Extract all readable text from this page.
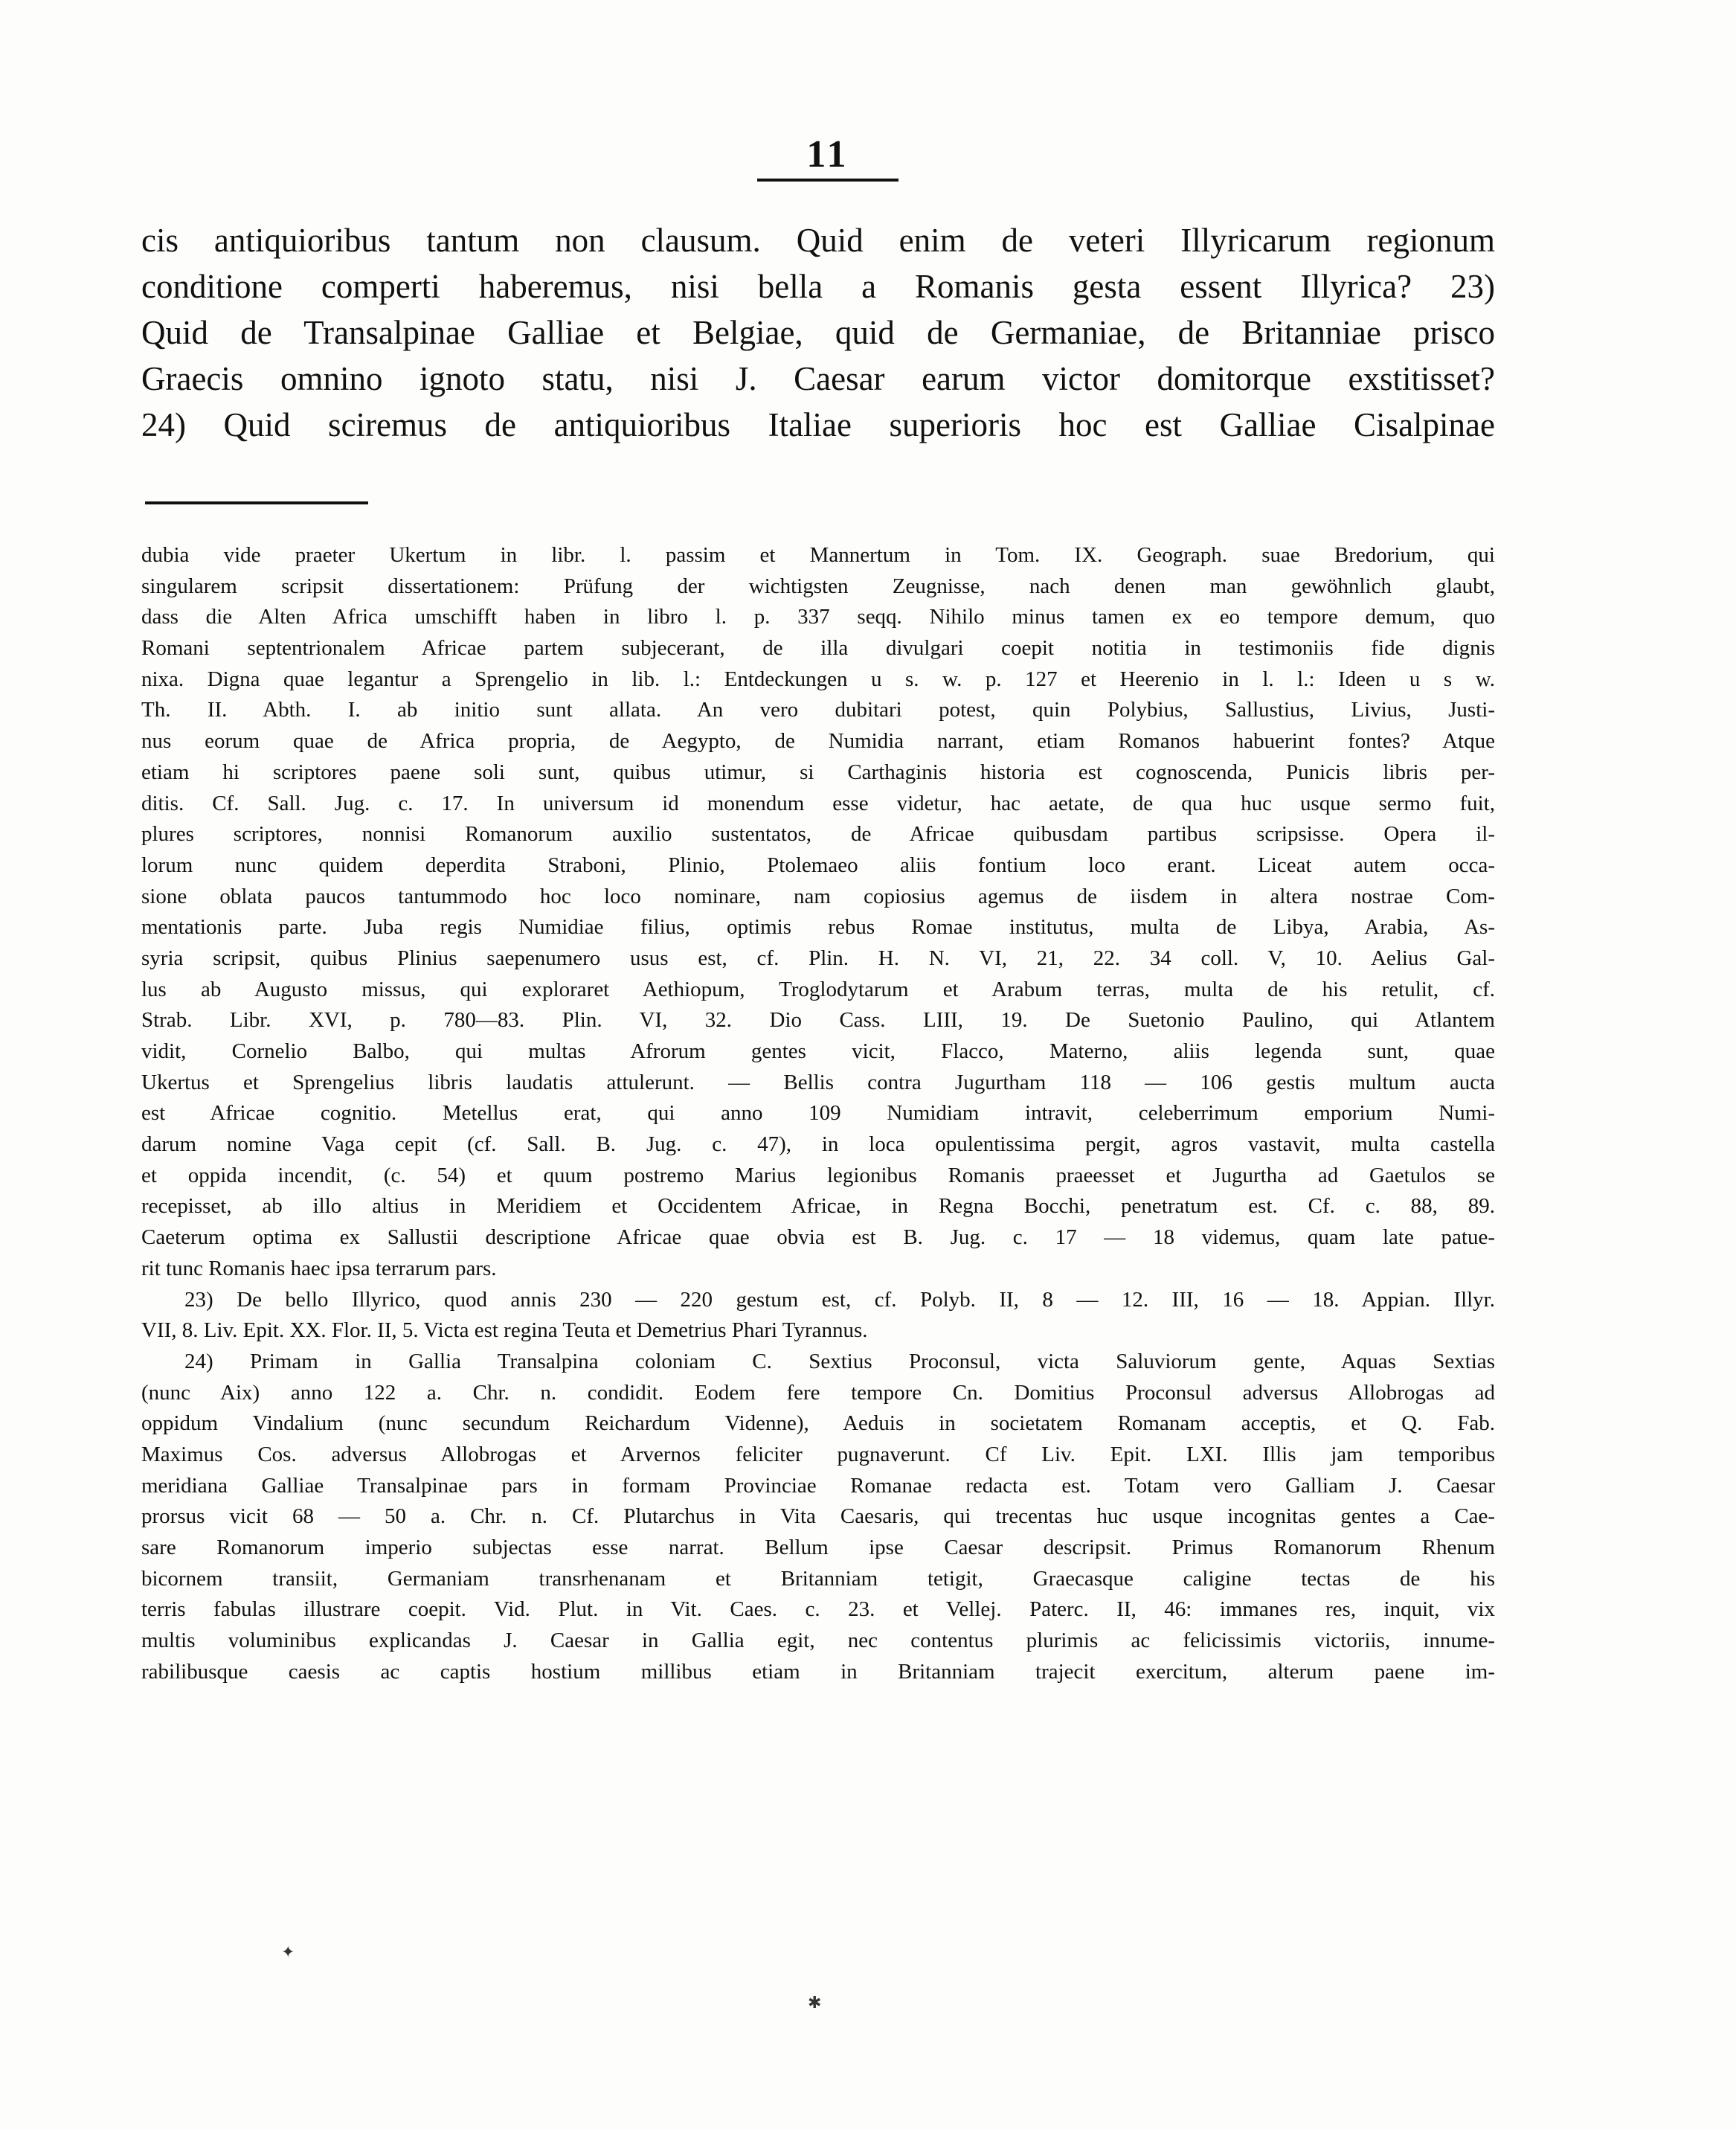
11
cis antiquioribus tantum non clausum. Quid enim de veteri Illyricarum regionum
conditione comperti haberemus, nisi bella a Romanis gesta essent Illyrica? 23)
Quid de Transalpinae Galliae et Belgiae, quid de Germaniae, de Britanniae prisco
Graecis omnino ignoto statu, nisi J. Caesar earum victor domitorque exstitisset?
24) Quid sciremus de antiquioribus Italiae superioris hoc est Galliae Cisalpinae
dubia vide praeter Ukertum in libr. l. passim et Mannertum in Tom. IX. Geograph. suae Bredorium, qui
singularem scripsit dissertationem: Prüfung der wichtigsten Zeugnisse, nach denen man gewöhnlich glaubt,
dass die Alten Africa umschifft haben in libro l. p. 337 seqq. Nihilo minus tamen ex eo tempore demum, quo
Romani septentrionalem Africae partem subjecerant, de illa divulgari coepit notitia in testimoniis fide dignis
nixa. Digna quae legantur a Sprengelio in lib. l.: Entdeckungen u s. w. p. 127 et Heerenio in l. l.: Ideen u s w.
Th. II. Abth. I. ab initio sunt allata. An vero dubitari potest, quin Polybius, Sallustius, Livius, Justi-
nus eorum quae de Africa propria, de Aegypto, de Numidia narrant, etiam Romanos habuerint fontes? Atque
etiam hi scriptores paene soli sunt, quibus utimur, si Carthaginis historia est cognoscenda, Punicis libris per-
ditis. Cf. Sall. Jug. c. 17. In universum id monendum esse videtur, hac aetate, de qua huc usque sermo fuit,
plures scriptores, nonnisi Romanorum auxilio sustentatos, de Africae quibusdam partibus scripsisse. Opera il-
lorum nunc quidem deperdita Straboni, Plinio, Ptolemaeo aliis fontium loco erant. Liceat autem occa-
sione oblata paucos tantummodo hoc loco nominare, nam copiosius agemus de iisdem in altera nostrae Com-
mentationis parte. Juba regis Numidiae filius, optimis rebus Romae institutus, multa de Libya, Arabia, As-
syria scripsit, quibus Plinius saepenumero usus est, cf. Plin. H. N. VI, 21, 22. 34 coll. V, 10. Aelius Gal-
lus ab Augusto missus, qui exploraret Aethiopum, Troglodytarum et Arabum terras, multa de his retulit, cf.
Strab. Libr. XVI, p. 780—83. Plin. VI, 32. Dio Cass. LIII, 19. De Suetonio Paulino, qui Atlantem
vidit, Cornelio Balbo, qui multas Afrorum gentes vicit, Flacco, Materno, aliis legenda sunt, quae
Ukertus et Sprengelius libris laudatis attulerunt. — Bellis contra Jugurtham 118 — 106 gestis multum aucta
est Africae cognitio. Metellus erat, qui anno 109 Numidiam intravit, celeberrimum emporium Numi-
darum nomine Vaga cepit (cf. Sall. B. Jug. c. 47), in loca opulentissima pergit, agros vastavit, multa castella
et oppida incendit, (c. 54) et quum postremo Marius legionibus Romanis praeesset et Jugurtha ad Gaetulos se
recepisset, ab illo altius in Meridiem et Occidentem Africae, in Regna Bocchi, penetratum est. Cf. c. 88, 89.
Caeterum optima ex Sallustii descriptione Africae quae obvia est B. Jug. c. 17 — 18 videmus, quam late patue-
rit tunc Romanis haec ipsa terrarum pars.
23) De bello Illyrico, quod annis 230 — 220 gestum est, cf. Polyb. II, 8 — 12. III, 16 — 18. Appian. Illyr.
VII, 8. Liv. Epit. XX. Flor. II, 5. Victa est regina Teuta et Demetrius Phari Tyrannus.
24) Primam in Gallia Transalpina coloniam C. Sextius Proconsul, victa Saluviorum gente, Aquas Sextias
(nunc Aix) anno 122 a. Chr. n. condidit. Eodem fere tempore Cn. Domitius Proconsul adversus Allobrogas ad
oppidum Vindalium (nunc secundum Reichardum Videnne), Aeduis in societatem Romanam acceptis, et Q. Fab.
Maximus Cos. adversus Allobrogas et Arvernos feliciter pugnaverunt. Cf Liv. Epit. LXI. Illis jam temporibus
meridiana Galliae Transalpinae pars in formam Provinciae Romanae redacta est. Totam vero Galliam J. Caesar
prorsus vicit 68 — 50 a. Chr. n. Cf. Plutarchus in Vita Caesaris, qui trecentas huc usque incognitas gentes a Cae-
sare Romanorum imperio subjectas esse narrat. Bellum ipse Caesar descripsit. Primus Romanorum Rhenum
bicornem transiit, Germaniam transrhenanam et Britanniam tetigit, Graecasque caligine tectas de his
terris fabulas illustrare coepit. Vid. Plut. in Vit. Caes. c. 23. et Vellej. Paterc. II, 46: immanes res, inquit, vix
multis voluminibus explicandas J. Caesar in Gallia egit, nec contentus plurimis ac felicissimis victoriis, innume-
rabilibusque caesis ac captis hostium millibus etiam in Britanniam trajecit exercitum, alterum paene im-
✦
✱
